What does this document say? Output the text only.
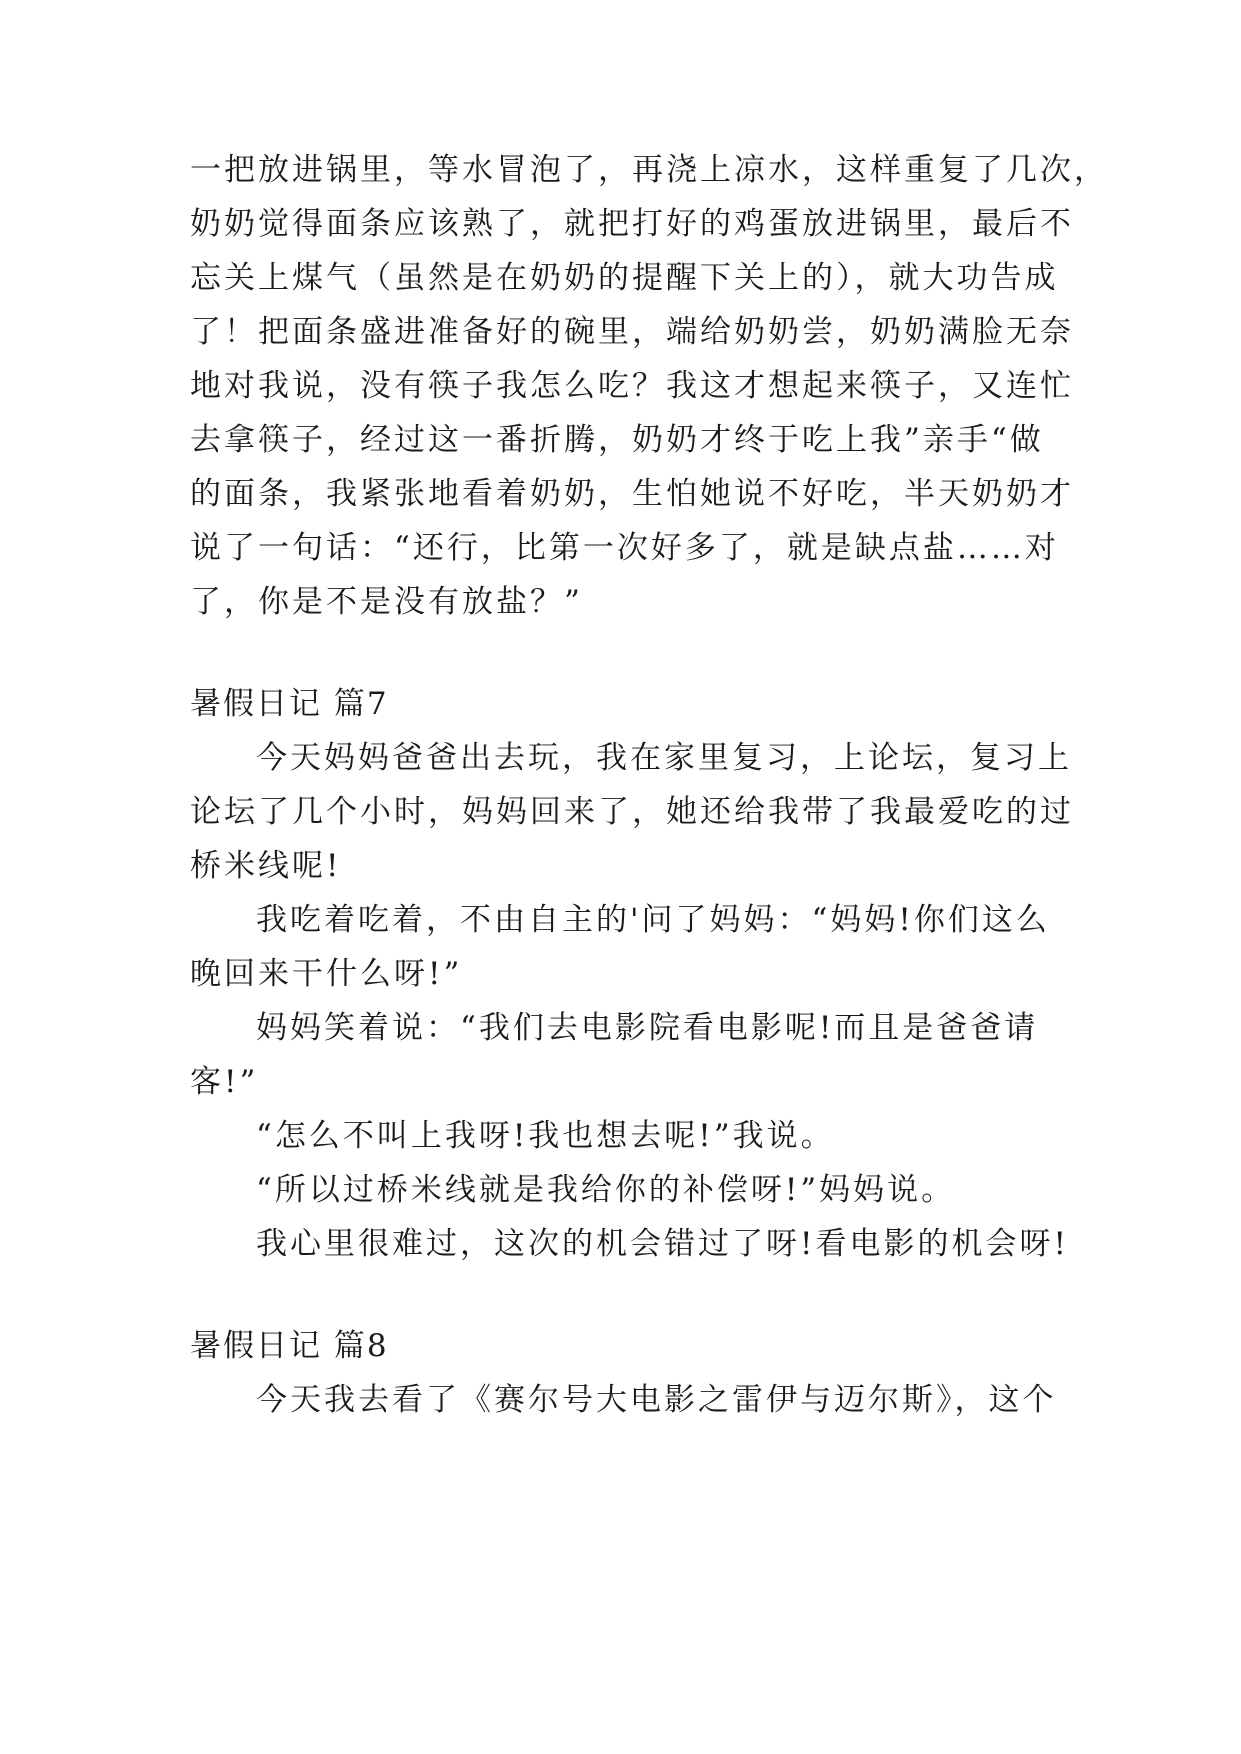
一把放进锅里，等水冒泡了，再浇上凉水，这样重复了几次，
奶奶觉得面条应该熟了，就把打好的鸡蛋放进锅里，最后不
忘关上煤气（虽然是在奶奶的提醒下关上的），就大功告成
了！把面条盛进准备好的碗里，端给奶奶尝，奶奶满脸无奈
地对我说，没有筷子我怎么吃？我这才想起来筷子，又连忙
去拿筷子，经过这一番折腾，奶奶才终于吃上我”亲手“做
的面条，我紧张地看着奶奶，生怕她说不好吃，半天奶奶才
说了一句话：“还行，比第一次好多了，就是缺点盐……对
了，你是不是没有放盐？”
暑假日记 篇7
今天妈妈爸爸出去玩，我在家里复习，上论坛，复习上
论坛了几个小时，妈妈回来了，她还给我带了我最爱吃的过
桥米线呢!
我吃着吃着，不由自主的'问了妈妈：“妈妈!你们这么
晚回来干什么呀!”
妈妈笑着说：“我们去电影院看电影呢!而且是爸爸请
客!”
“怎么不叫上我呀!我也想去呢!”我说。
“所以过桥米线就是我给你的补偿呀!”妈妈说。
我心里很难过，这次的机会错过了呀!看电影的机会呀!
暑假日记 篇8
今天我去看了《赛尔号大电影之雷伊与迈尔斯》，这个
